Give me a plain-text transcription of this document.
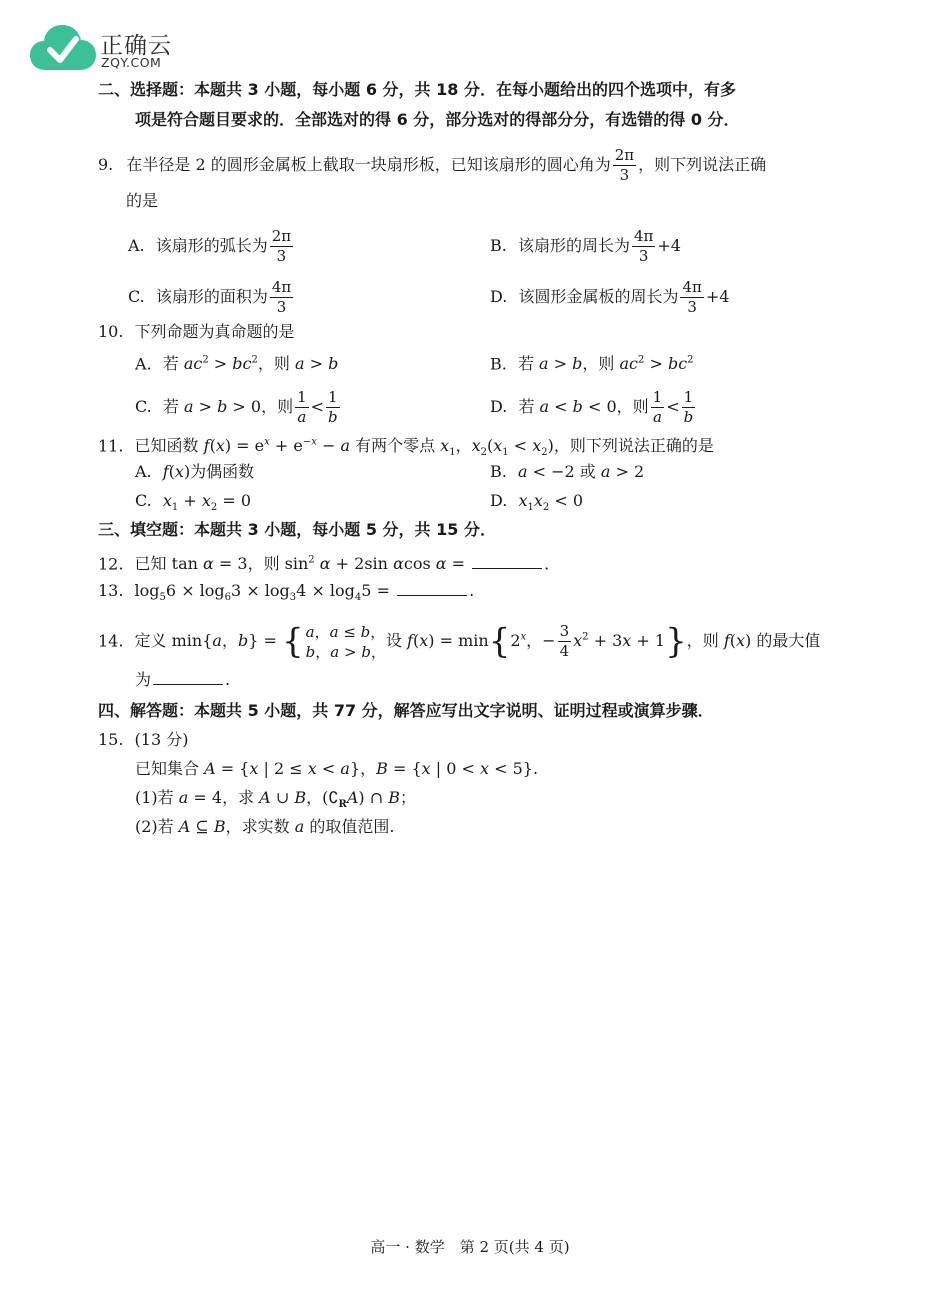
正确云
ZQY.COM
二、选择题：本题共 3 小题，每小题 6 分，共 18 分．在每小题给出的四个选项中，有多
项是符合题目要求的．全部选对的得 6 分，部分选对的得部分分，有选错的得 0 分．
9. 在半径是 2 的圆形金属板上截取一块扇形板，已知该扇形的圆心角为 $\frac{2\pi}{3}$ ，则下列说法正确
的是
A. 该扇形的弧长为 $\frac{2\pi}{3}$	B. 该扇形的周长为 $\frac{4\pi}{3} +4$
C. 该扇形的面积为 $\frac{4\pi}{3}$	D. 该圆形金属板的周长为 $\frac{4\pi}{3} +4$
10. 下列命题为真命题的是
A. 若 $ac^2 > bc^2$，则 a > b	B. 若 a > b，则 $ac^2 > bc^2$
C. 若 a > b > 0，则 $\frac{1}{a} < \frac{1}{b}$	D. 若 a < b < 0，则 $\frac{1}{a} < \frac{1}{b}$
11. 已知函数 $f(x) = e^x + e^{-x} - a$ 有两个零点 $x_1$，$x_2(x_1 < x_2)$，则下列说法正确的是
A. f(x)为偶函数	B. a < −2 或 a > 2
C. $x_1 + x_2 = 0$	D. $x_1x_2 < 0$
三、填空题：本题共 3 小题，每小题 5 分，共 15 分．
12. 已知 tan α = 3，则 $\sin^2 \alpha + 2\sin$ αcos α =	.
13. $\log_56 \times \log_63 \times \log_34 \times \log_45$ =	.
14. 定义 min{a，b} = { a，a ≤ b，
b，a > b，
设 $f(x) = \min\{2^x$，− $\frac{3}{4} x^2 + 3x + 1$}，则 f(x) 的最大值
为	.
四、解答题：本题共 5 小题，共 77 分，解答应写出文字说明、证明过程或演算步骤．
15. (13 分)
已知集合 A = {x | 2 ≤ x < a}，B = {x | 0 < x < 5}.
(1)若 a = 4，求 A ∪ B，$(∁_RA)$ ∩ B；
(2)若 A ⊆ B，求实数 a 的取值范围.
高一 · 数学　第 2 页(共 4 页)
